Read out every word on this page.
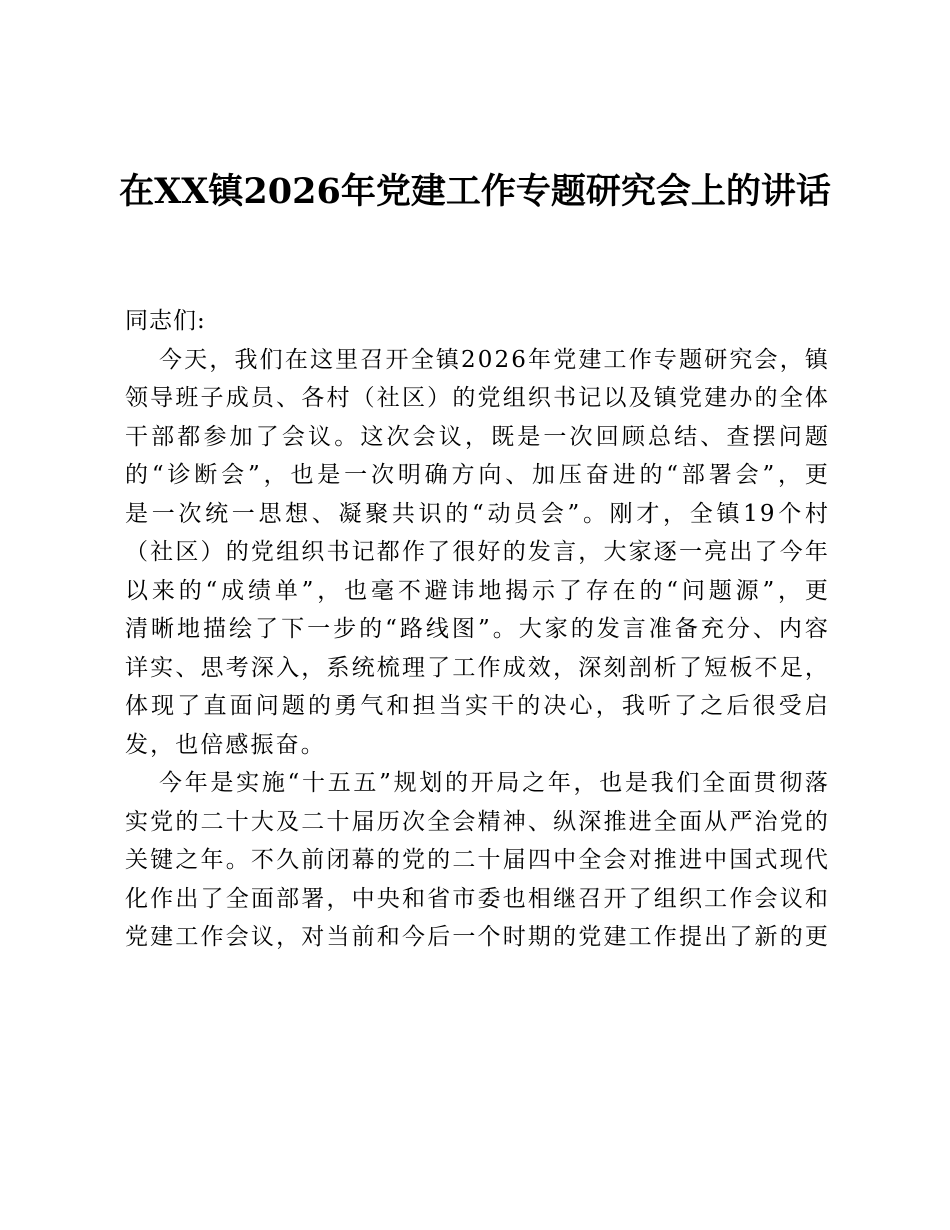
在XX镇2026年党建工作专题研究会上的讲话
同志们:
今天，我们在这里召开全镇2026年党建工作专题研究会，镇
领导班子成员、各村（社区）的党组织书记以及镇党建办的全体
干部都参加了会议。这次会议，既是一次回顾总结、查摆问题
的“诊断会”，也是一次明确方向、加压奋进的“部署会”，更
是一次统一思想、凝聚共识的“动员会”。刚才，全镇19个村
（社区）的党组织书记都作了很好的发言，大家逐一亮出了今年
以来的“成绩单”，也毫不避讳地揭示了存在的“问题源”，更
清晰地描绘了下一步的“路线图”。大家的发言准备充分、内容
详实、思考深入，系统梳理了工作成效，深刻剖析了短板不足，
体现了直面问题的勇气和担当实干的决心，我听了之后很受启
发，也倍感振奋。
今年是实施“十五五”规划的开局之年，也是我们全面贯彻落
实党的二十大及二十届历次全会精神、纵深推进全面从严治党的
关键之年。不久前闭幕的党的二十届四中全会对推进中国式现代
化作出了全面部署，中央和省市委也相继召开了组织工作会议和
党建工作会议，对当前和今后一个时期的党建工作提出了新的更
